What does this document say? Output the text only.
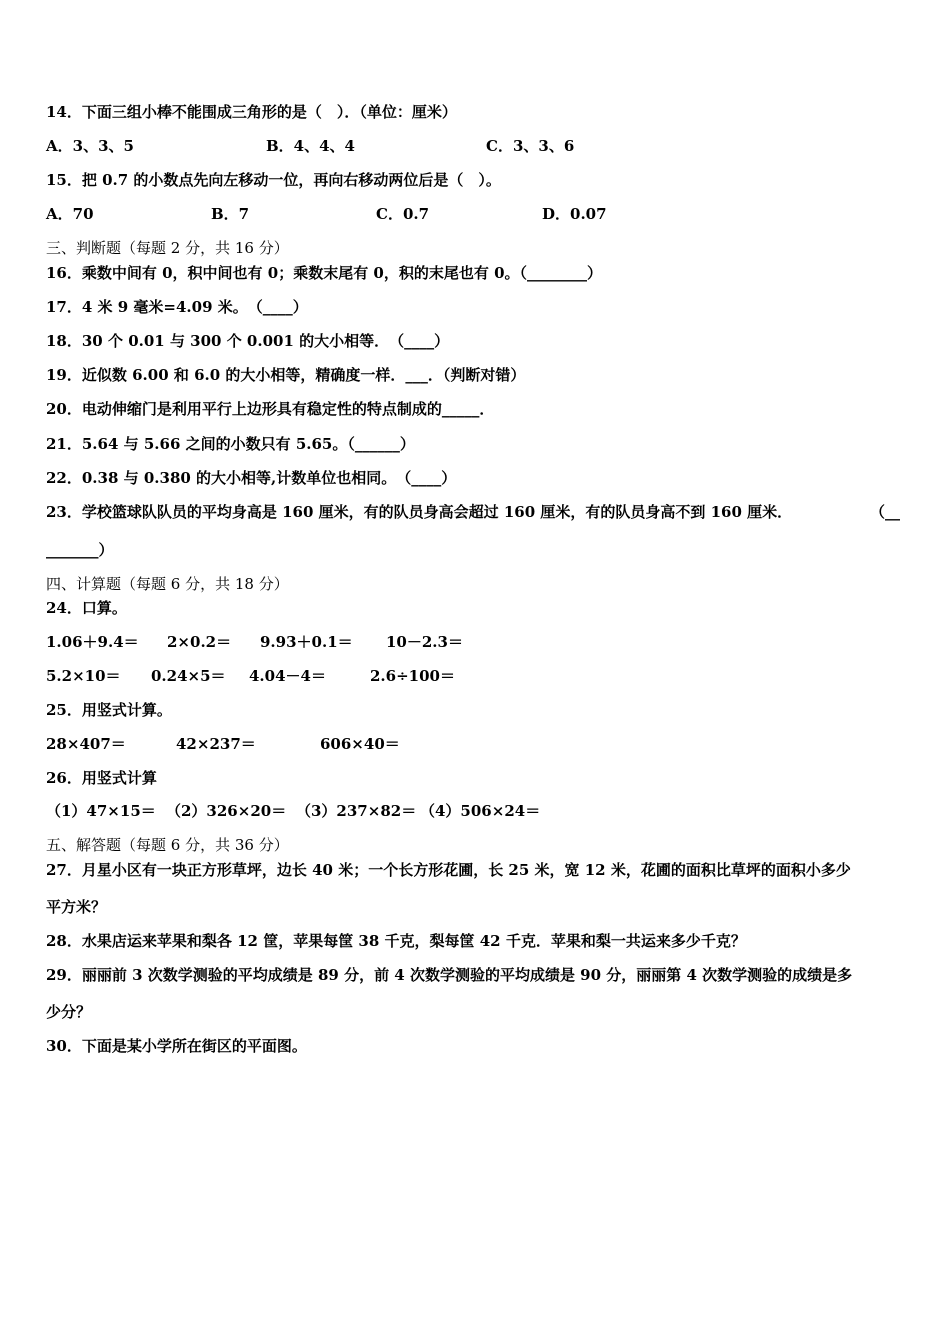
14．下面三组小棒不能围成三角形的是（　）．（单位：厘米）
A．3、3、5	B．4、4、4	C．3、3、6
15．把 0.7 的小数点先向左移动一位，再向右移动两位后是（　）。
A．70	B．7	C．0.7	D．0.07
三、判断题（每题 2 分，共 16 分）
16．乘数中间有 0，积中间也有 0；乘数末尾有 0，积的末尾也有 0。（________）
17．4 米 9 毫米=4.09 米。　（____）
18．30 个 0.01 与 300 个 0.001 的大小相等．　（____）
19．近似数 6.00 和 6.0 的大小相等，精确度一样．___．（判断对错）
20．电动伸缩门是利用平行上边形具有稳定性的特点制成的_____．
21．5.64 与 5.66 之间的小数只有 5.65。（______）
22．0.38 与 0.380 的大小相等,计数单位也相同。　（____）
23．学校篮球队队员的平均身高是 160 厘米，有的队员身高会超过 160 厘米，有的队员身高不到 160 厘米．	（__
_______）
四、计算题（每题 6 分，共 18 分）
24．口算。
1.06＋9.4＝ 2×0.2＝ 9.93＋0.1＝ 10－2.3＝
5.2×10＝ 0.24×5＝ 4.04－4＝	2.6÷100＝
25．用竖式计算。
28×407＝	42×237＝	606×40＝
26．用竖式计算
（1）47×15＝ （2）326×20＝ （3）237×82＝ （4）506×24＝
五、解答题（每题 6 分，共 36 分）
27．月星小区有一块正方形草坪，边长 40 米；一个长方形花圃，长 25 米，宽 12 米，花圃的面积比草坪的面积小多少
平方米？
28．水果店运来苹果和梨各 12 筐，苹果每筐 38 千克，梨每筐 42 千克．苹果和梨一共运来多少千克？
29．丽丽前 3 次数学测验的平均成绩是 89 分，前 4 次数学测验的平均成绩是 90 分，丽丽第 4 次数学测验的成绩是多
少分？
30．下面是某小学所在街区的平面图。
